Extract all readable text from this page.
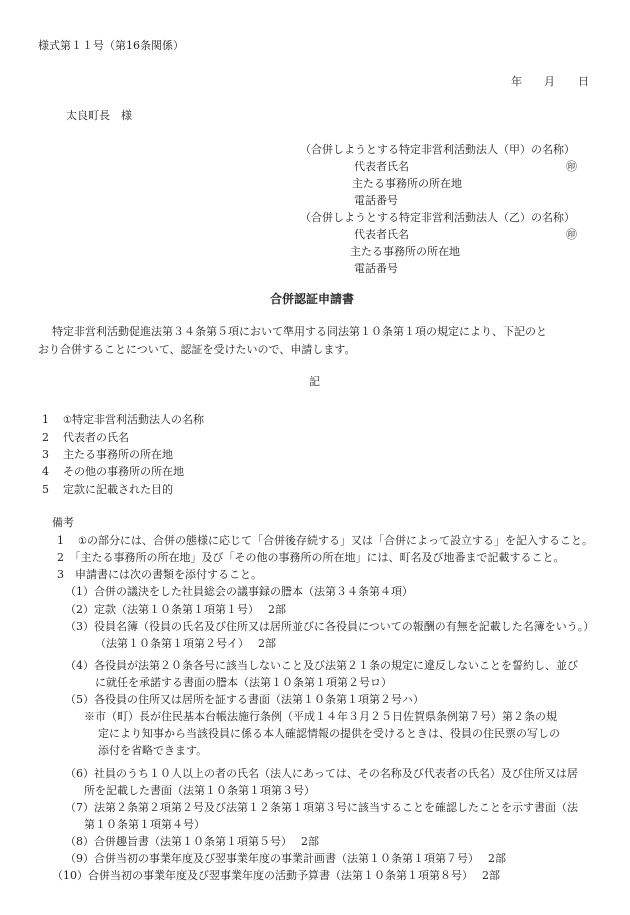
様式第１１号（第16条関係）
年 月 日
太良町長　様
（合併しようとする特定非営利活動法人（甲）の名称）
代表者氏名	㊞
主たる事務所の所在地
電話番号
（合併しようとする特定非営利活動法人（乙）の名称）
代表者氏名	㊞
主たる事務所の所在地
電話番号
合併認証申請書
特定非営利活動促進法第３４条第５項において準用する同法第１０条第１項の規定により、下記のと
おり合併することについて、認証を受けたいので、申請します。
記
1 ①特定非営利活動法人の名称
2 代表者の氏名
3 主たる事務所の所在地
4 その他の事務所の所在地
5 定款に記載された目的
備考
1 ①の部分には、合併の態様に応じて「合併後存続する」又は「合併によって設立する」を記入すること。
2　「主たる事務所の所在地」及び「その他の事務所の所在地」には、町名及び地番まで記載すること。
3　申請書には次の書類を添付すること。
（1）合併の議決をした社員総会の議事録の謄本（法第３４条第４項）
（2）定款（法第１０条第１項第１号）　 2部
（3）役員名簿（役員の氏名及び住所又は居所並びに各役員についての報酬の有無を記載した名簿をいう。）
（法第１０条第１項第２号イ）　 2部
（4）各役員が法第２０条各号に該当しないこと及び法第２１条の規定に違反しないことを誓約し、並び
に就任を承諾する書面の謄本（法第１０条第１項第２号ロ）
（5）各役員の住所又は居所を証する書面（法第１０条第１項第２号ハ）
※市（町）長が住民基本台帳法施行条例（平成１４年３月２５日佐賀県条例第７号）第２条の規
定により知事から当該役員に係る本人確認情報の提供を受けるときは、役員の住民票の写しの
添付を省略できます。
（6）社員のうち１０人以上の者の氏名（法人にあっては、その名称及び代表者の氏名）及び住所又は居
所を記載した書面（法第１０条第１項第３号）
（7）法第２条第２項第２号及び法第１２条第１項第３号に該当することを確認したことを示す書面（法
第１０条第１項第４号）
（8）合併趣旨書（法第１０条第１項第５号）　 2部
（9）合併当初の事業年度及び翌事業年度の事業計画書（法第１０条第１項第７号）　 2部
（10）合併当初の事業年度及び翌事業年度の活動予算書（法第１０条第１項第８号）　 2部
